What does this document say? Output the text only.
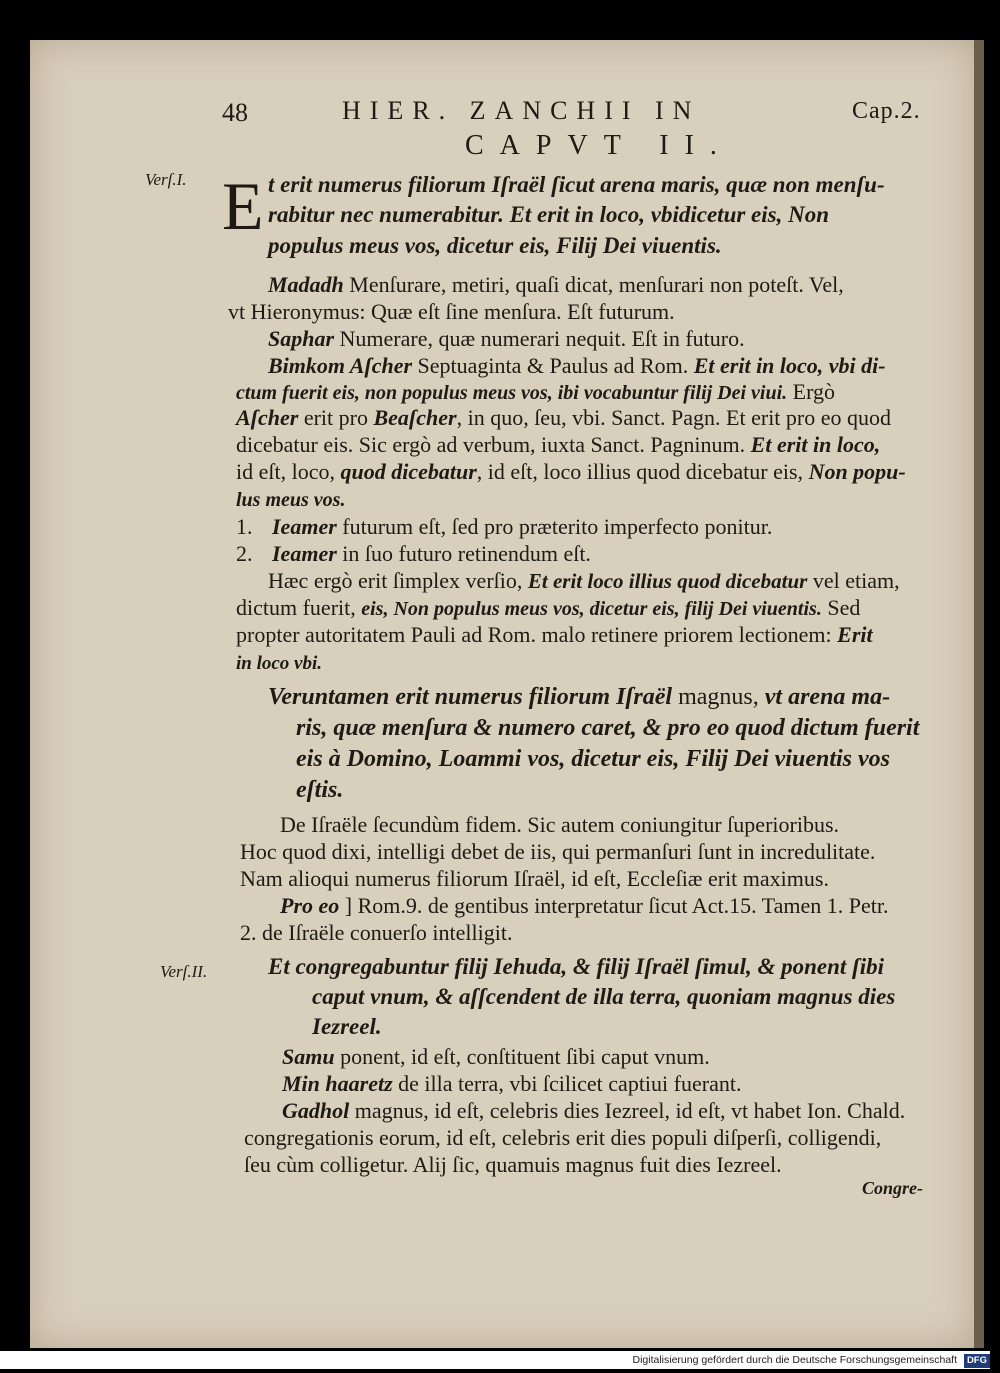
48	HIER. ZANCHII IN	Cap.2.
CAPVT II.
Verſ.I. E t erit numerus filiorum Iſraël ſicut arena maris, quæ non menſu-
rabitur nec numerabitur. Et erit in loco, vbidicetur eis, Non
populus meus vos, dicetur eis, Filij Dei viuentis.
Madadh Menſurare, metiri, quaſi dicat, menſurari non poteſt. Vel,
vt Hieronymus: Quæ eſt ſine menſura. Eſt futurum.
Saphar Numerare, quæ numerari nequit. Eſt in futuro.
Bimkom Aſcher Septuaginta & Paulus ad Rom. Et erit in loco, vbi di-
ctum fuerit eis, non populus meus vos, ibi vocabuntur filij Dei viui. Ergò
Aſcher erit pro Beaſcher, in quo, ſeu, vbi. Sanct. Pagn. Et erit pro eo quod
dicebatur eis. Sic ergò ad verbum, iuxta Sanct. Pagninum. Et erit in loco,
id eſt, loco, quod dicebatur, id eſt, loco illius quod dicebatur eis, Non popu-
lus meus vos.
1. Ieamer futurum eſt, ſed pro præterito imperfecto ponitur.
2. Ieamer in ſuo futuro retinendum eſt.
Hæc ergò erit ſimplex verſio, Et erit loco illius quod dicebatur vel etiam,
dictum fuerit, eis, Non populus meus vos, dicetur eis, filij Dei viuentis. Sed
propter autoritatem Pauli ad Rom. malo retinere priorem lectionem: Erit
in loco vbi.
Veruntamen erit numerus filiorum Iſraël magnus, vt arena ma-
ris, quæ menſura & numero caret, & pro eo quod dictum fuerit
eis à Domino, Loammi vos, dicetur eis, Filij Dei viuentis vos
eſtis.
De Iſraële ſecundùm fidem. Sic autem coniungitur ſuperioribus.
Hoc quod dixi, intelligi debet de iis, qui permanſuri ſunt in incredulitate.
Nam alioqui numerus filiorum Iſraël, id eſt, Eccleſiæ erit maximus.
Pro eo ] Rom.9. de gentibus interpretatur ſicut Act.15. Tamen 1. Petr.
2. de Iſraële conuerſo intelligit.
Verſ.II.	Et congregabuntur filij Iehuda, & filij Iſraël ſimul, & ponent ſibi
caput vnum, & aſſcendent de illa terra, quoniam magnus dies
Iezreel.
Samu ponent, id eſt, conſtituent ſibi caput vnum.
Min haaretz de illa terra, vbi ſcilicet captiui fuerant.
Gadhol magnus, id eſt, celebris dies Iezreel, id eſt, vt habet Ion. Chald.
congregationis eorum, id eſt, celebris erit dies populi diſperſi, colligendi,
ſeu cùm colligetur. Alij ſic, quamuis magnus fuit dies Iezreel.
Congre-
Digitalisierung gefördert durch die Deutsche Forschungsgemeinschaft DFG
